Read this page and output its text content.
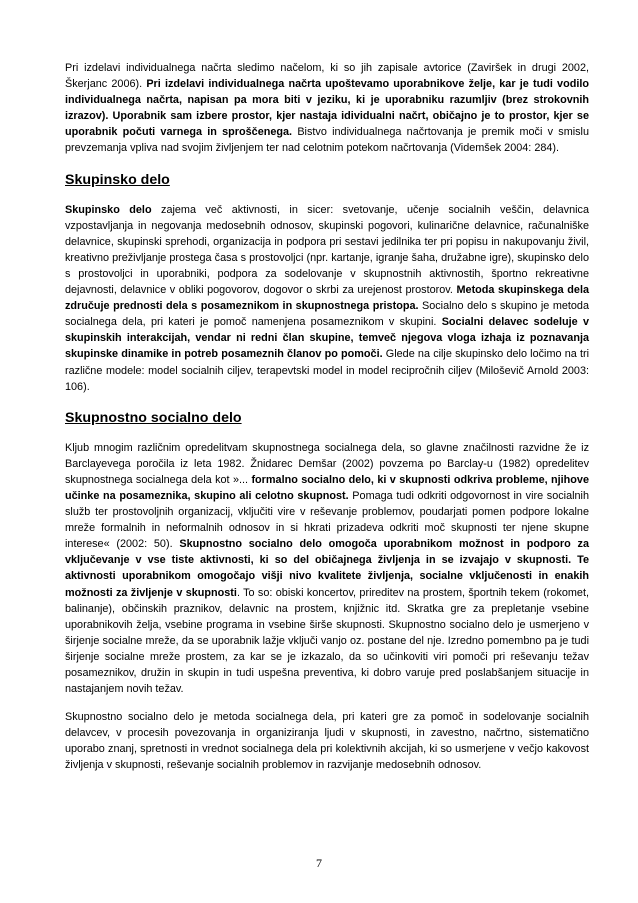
Pri izdelavi individualnega načrta sledimo načelom, ki so jih zapisale avtorice (Zaviršek in drugi 2002, Škerjanc 2006). Pri izdelavi individualnega načrta upoštevamo uporabnikove želje, kar je tudi vodilo individualnega načrta, napisan pa mora biti v jeziku, ki je uporabniku razumljiv (brez strokovnih izrazov). Uporabnik sam izbere prostor, kjer nastaja idividualni načrt, običajno je to prostor, kjer se uporabnik počuti varnega in sproščenega. Bistvo individualnega načrtovanja je premik moči v smislu prevzemanja vpliva nad svojim življenjem ter nad celotnim potekom načrtovanja (Videmšek 2004: 284).

Skupinsko delo

Skupinsko delo zajema več aktivnosti, in sicer: svetovanje, učenje socialnih veščin, delavnica vzpostavljanja in negovanja medosebnih odnosov, skupinski pogovori, kulinarične delavnice, računalniške delavnice, skupinski sprehodi, organizacija in podpora pri sestavi jedilnika ter pri popisu in nakupovanju živil, kreativno preživljanje prostega časa s prostovoljci (npr. kartanje, igranje šaha, družabne igre), skupinsko delo s prostovoljci in uporabniki, podpora za sodelovanje v skupnostnih aktivnostih, športno rekreativne dejavnosti, delavnice v obliki pogovorov, dogovor o skrbi za urejenost prostorov. Metoda skupinskega dela zdručuje prednosti dela s posameznikom in skupnostnega pristopa. Socialno delo s skupino je metoda socialnega dela, pri kateri je pomoč namenjena posameznikom v skupini. Socialni delavec sodeluje v skupinskih interakcijah, vendar ni redni član skupine, temveč njegova vloga izhaja iz poznavanja skupinske dinamike in potreb posameznih članov po pomoči. Glede na cilje skupinsko delo ločimo na tri različne modele: model socialnih ciljev, terapevtski model in model recipročnih ciljev (Miloševič Arnold 2003: 106).

Skupnostno socialno delo

Kljub mnogim različnim opredelitvam skupnostnega socialnega dela, so glavne značilnosti razvidne že iz Barclayevega poročila iz leta 1982. Žnidarec Demšar (2002) povzema po Barclay-u (1982) opredelitev skupnostnega socialnega dela kot »... formalno socialno delo, ki v skupnosti odkriva probleme, njihove učinke na posameznika, skupino ali celotno skupnost. Pomaga tudi odkriti odgovornost in vire socialnih služb ter prostovoljnih organizacij, vključiti vire v reševanje problemov, poudarjati pomen podpore lokalne mreže formalnih in neformalnih odnosov in si hkrati prizadeva odkriti moč skupnosti ter njene skupne interese« (2002: 50). Skupnostno socialno delo omogoča uporabnikom možnost in podporo za vključevanje v vse tiste aktivnosti, ki so del običajnega življenja in se izvajajo v skupnosti. Te aktivnosti uporabnikom omogočajo višji nivo kvalitete življenja, socialne vključenosti in enakih možnosti za življenje v skupnosti. To so: obiski koncertov, prireditev na prostem, športnih tekem (rokomet, balinanje), občinskih praznikov, delavnic na prostem, knjižnic itd. Skratka gre za prepletanje vsebine uporabnikovih želja, vsebine programa in vsebine širše skupnosti. Skupnostno socialno delo je usmerjeno v širjenje socialne mreže, da se uporabnik lažje vključi vanjo oz. postane del nje. Izredno pomembno pa je tudi širjenje socialne mreže prostem, za kar se je izkazalo, da so učinkoviti viri pomoči pri reševanju težav posameznikov, družin in skupin in tudi uspešna preventiva, ki dobro varuje pred poslabšanjem situacije in nastajanjem novih težav.

Skupnostno socialno delo je metoda socialnega dela, pri kateri gre za pomoč in sodelovanje socialnih delavcev, v procesih povezovanja in organiziranja ljudi v skupnosti, in zavestno, načrtno, sistematično uporabo znanj, spretnosti in vrednot socialnega dela pri kolektivnih akcijah, ki so usmerjene v večjo kakovost življenja v skupnosti, reševanje socialnih problemov in razvijanje medosebnih odnosov.

7
